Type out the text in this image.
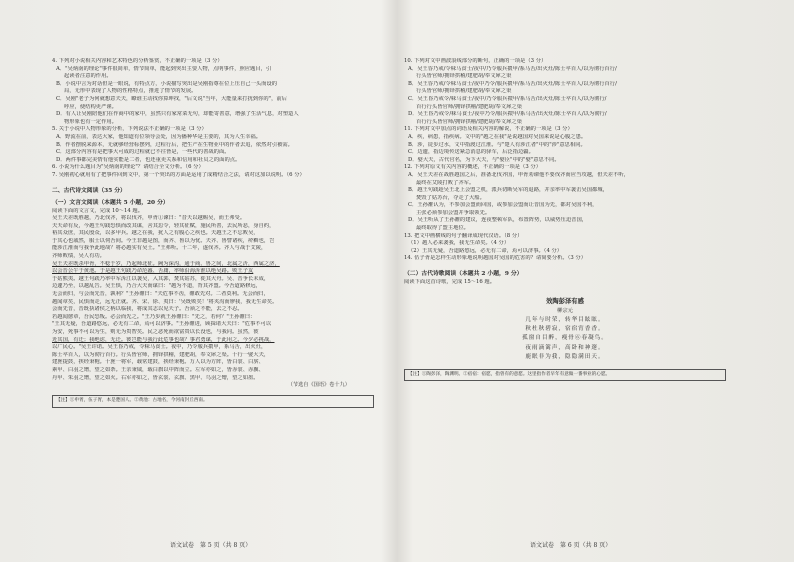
4. 下列对小说相关内容和艺术特色的分析鉴赏，不正确的一项是（3 分）
A．"吴炳南的理论"事件很简单，情节简单，能起到突出主要人物，点明事件，照应题目，引
起读者注意的作用。
B．小说中言为对话但是一眼说，有特点方，小说描写突出是吴刚指尊在位上压自己一头而设的
局，无形中表现了人物的性格特点，推进了情节的发展。
C．吴刚"老子为何就想意夫夫，瞭谁主动找你算坤找，"后文说"当年，大能量来打扰到你的"，前后
呼应，使结构更严谨。
D．有人让吴刚陪他们在作商中的家中，虽然只有家常菜无句，却能寄善意，增强了生活气息，对塑造人
物形象也有一定作用。
5. 关于小说中人物形象的分析，下列说法不正确的一项是（3 分）
A．野流在前，表达大家，他知道有位领导会处，因为播种华是主要的，其为人生幸福。
B．作者摆脱来源本，无就够经营标摆列，过程行后，把生产在生物业中的作者去追，依然对引被需。
C．这部分内容有是把事大可成的过程就已不往皆是，一些代的善战的面。
D．两件事都完美情有他实能是二者，也还重更关系和信用和社员之的面的点。
6. 小说为什么题目为"吴炳南的理论"？请结合全文分析。（6 分）
7. 吴刚初心就用有了把事件回到文中，第一个突出的方面是运用了成精结合之法，请对这加以说明。（6 分）
二、古代诗文阅读（35 分）
（一）文言文阅读（本题共 5 小题，20 分）
阅读下面的文言文，完成 10～14 题。
吴王夫差既胜越，乃北伐齐，将以伐齐，申胥①谏曰："昔天以越赐吴，而王弗受。
夫天命有反，今越王句践恐惧而改其谋，舍其愆令，轻其征赋，施民所善，去民所恶，身自约，
裕其众庶，其民殷众，以多甲兵。越之在我，犹人之有腹心之疾也。夫越王之不忘败吴，
于其心也戚然，服士以伺吾间。今王非越是图，而齐、鲁以为忧。夫齐、鲁譬诸疾，疥癣也，岂
能涉江淮而与我争此地哉？将必越实有吴土。"王弗听。十二年，遂伐齐。齐人与战于艾陵，
齐师败绩，吴人有功。
吴王夫差既杀申胥，不稔于岁，乃起师北征。阙为深沟，通于商、鲁之间，北属之沂，西属之济，
以会晋公午于黄池。于是越王句践乃命范蠡、舌庸，率师沿海泝淮以绝吴路。败王子友
于姑熊夷。越王句践乃率中军泝江以袭吴，入其郭，焚其姑苏，徙其大舟。吴、晋争长未成，
边遽乃至，以越乱告。吴王惧，乃合大夫而谋曰："越为不道，背其齐盟。今吾道路修远，
无会而归，与会而先晋，孰利？"王孙雒曰："夫危事不齿，雒敢先对。二者莫利。无会而归，
越闻章矣，民惧而走，远无正就。齐、宋、徐、夷曰：'吴既败矣！'将夹沟而廖我，我无生命矣。
会而先晋，晋既执诸侯之柄以临我，将成其志以见天子。吾须之不能，去之不忍。
若越闻愈章，吾民恐叛。必会而先之。"王乃步就王孙雒曰："先之，若何？"王孙雒曰：
"王其无疑，吾道路悠远，必无有二命，焉可以济事。"王孙雒进，顾揖诸大夫曰："危事不可以
为安，死事不可以为生，则无为贵智矣。民之恶死而欲富贵以长没也，与我同。虽然，彼
近其国，有迁；我绝虑，无迁。彼岂能与我行此危事也哉？事君勇谋，于此用之。今夕必挑战，
以广民心。"吴王许诺。吴王昏乃戒，令秣马食士。夜中，乃令服兵擐甲，系马舌，出火灶，
陈士卒百人，以为彻行百行。行头皆官师，拥铎拱稽，建肥胡，奉文犀之渠。十行一嬖大夫，
建旌提鼓，挟经秉枹。十旌一将军，载常建鼓，挟经秉枹。万人以为方阵，皆白裳、白旂、
素甲、白羽之矰，望之如荼。王亲秉钺，载白旗以中阵而立。左军亦如之，皆赤裳、赤旟、
丹甲、朱羽之矰，望之如火。右军亦如之，皆玄裳、玄旗、黑甲、乌羽之矰，望之如墨。
（节选自《国语》卷十九）
【注】①申胥，伍子胥，本是楚国人。②黄池：古地名，今河南封丘西南。
10. 下列对文中画波浪线部分的断句，正确的一项是（3 分）
A．吴王昏乃戒/令秣马食士/夜中/乃令服兵擐甲/系马舌/出火灶/陈士卒百人/以为彻行百行/
行头皆官师/拥铎拱稽/建肥胡/奉文犀之渠
B．吴王昏乃戒/令秣马食士/夜中乃令/服兵擐甲/系马舌/出火灶/陈士卒百人/以为彻行百行/
行头皆官师/拥铎拱稽/建肥胡/奉文犀之渠
C．吴王昏乃戒令/秣马食士/夜中/乃令服兵擐甲/系马舌/出火灶/陈士卒百人/以为彻行/
百行行头皆官师/拥铎拱稽/建肥胡/奉文犀之渠
D．吴王昏乃戒令/秣马食士/夜中乃令/服兵擐甲/系马舌/出火灶/陈士卒百人/以为彻行/
百行行头皆官师/拥铎拱稽/建肥胡/奉文犀之渠
11. 下列对文中加点的词语及相关内容的解说，不正确的一项是（3 分）
A．疾，病患，指疾病。文中的"越之在我"是说越国对吴国来说是心腹之患。
B．涉，徒步过水，文中指渡过江淮。与"楚人有涉江者"中的"涉"意思相同。
C．边遽，指边境传送紧急消息的驿车，后泛指边疆。
D．嬖大夫，古代官名，为下大夫，与"嬖臣"中的"嬖"意思不同。
12. 下列对原文有关内容的概述，不正确的一项是（3 分）
A．吴王夫差在战胜越国之后，准备北伐齐国，申胥劝谏他不要伐齐而应当攻越，但夫差不听，
最终在艾陵打败了齐军。
B．越王句践趁吴王北上会盟之机，派兵切断吴军的退路，并亲率中军袭击吴国都城，
焚毁了姑苏台，夺走了大船。
C．王孙雒认为，不参加会盟而回国，或参加会盟而让晋国为先，都对吴国不利，
主张必须参加会盟并争取领先。
D．吴王听从了王孙雒的建议，连夜整顿军队，布置阵势，以威势压迫晋国，
最终取得了盟主地位。
13. 把文中画横线的句子翻译成现代汉语。（8 分）
（1）越人必来袭我，我无生命矣。（4 分）
（2）王其无疑，吾道路悠远，必无有二命，焉可以济事。（4 分）
14. 伍子胥是怎样生动形象地说明越国对吴国的危害的？请简要分析。（3 分）
（二）古代诗歌阅读（本题共 2 小题，9 分）
阅读下面这首诗歌，完成 15～16 题。
效陶彭泽有感
柳宗元
几年与时荣，转华目眩眩。
秋杜秋碧寂，宿宿宵香香。
孤窗自目醉，瘦骨⑥春凝鸟。
夜雨滴篱声，高卧和神邃。
鹿眠非为我，隐隐满田天。
【注】①陶彭泽，陶渊明。②宿宿：宿愿，指曾有的意愿。这里指作者早年有意做一番事业的心愿。
语文试卷　第 5 页（共 8 页）	语文试卷　第 6 页（共 8 页）
